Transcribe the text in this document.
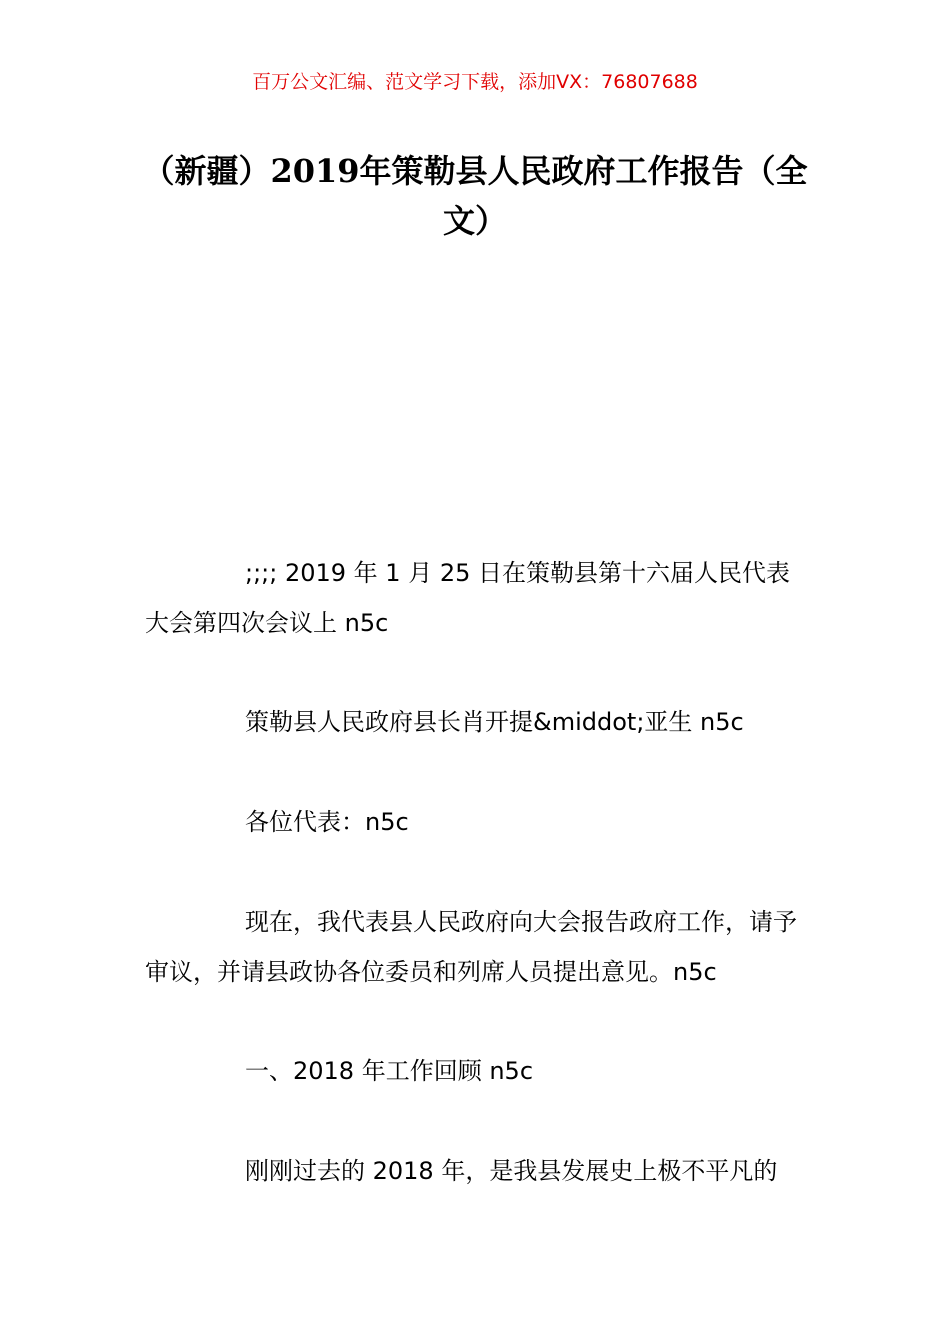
百万公文汇编、范文学习下载，添加VX：76807688
（新疆）2019年策勒县人民政府工作报告（全文）

;;;; 2019 年 1 月 25 日在策勒县第十六届人民代表大会第四次会议上 n5c

策勒县人民政府县长肖开提&middot;亚生 n5c

各位代表：n5c

现在，我代表县人民政府向大会报告政府工作，请予审议，并请县政协各位委员和列席人员提出意见。n5c

一、2018 年工作回顾 n5c

刚刚过去的 2018 年，是我县发展史上极不平凡的
